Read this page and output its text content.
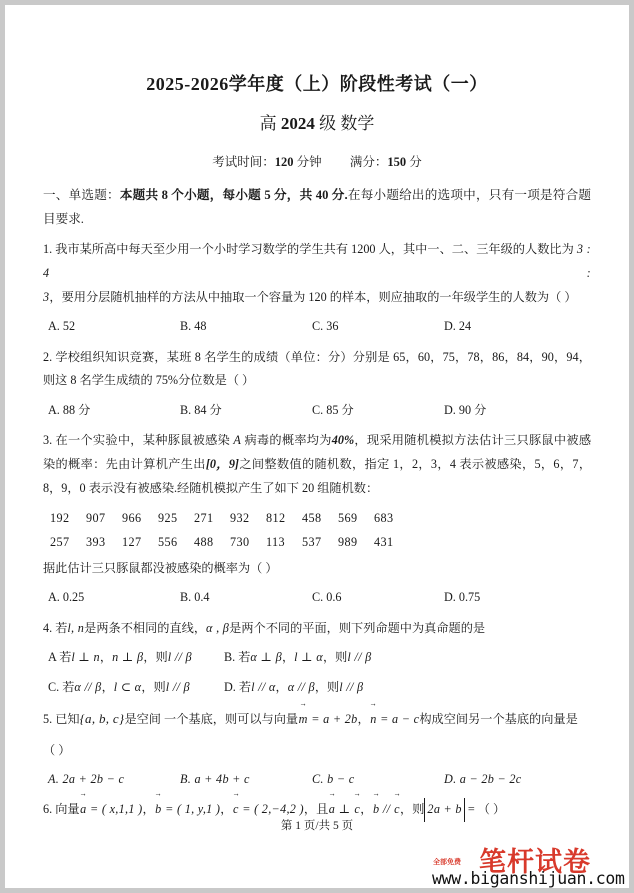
2025-2026学年度（上）阶段性考试（一）
高 2024 级 数学
考试时间：120 分钟 满分：150 分
一、单选题：本题共 8 个小题，每小题 5 分，共 40 分.在每小题给出的选项中，只有一项是符合题目要求.
1. 我市某所高中每天至少用一个小时学习数学的学生共有 1200 人，其中一、二、三年级的人数比为 3 : 4 : 3，要用分层随机抽样的方法从中抽取一个容量为 120 的样本，则应抽取的一年级学生的人数为（ ）
A. 52	B. 48	C. 36	D. 24
2. 学校组织知识竞赛，某班 8 名学生的成绩（单位：分）分别是 65，60，75，78，86，84，90，94，则这 8 名学生成绩的 75%分位数是（ ）
A. 88 分	B. 84 分	C. 85 分	D. 90 分
3. 在一个实验中，某种豚鼠被感染 A 病毒的概率均为40%，现采用随机模拟方法估计三只豚鼠中被感染的概率：先由计算机产生出[0，9]之间整数值的随机数，指定 1，2，3，4 表示被感染，5，6，7，8，9，0 表示没有被感染.经随机模拟产生了如下 20 组随机数：
192	907	966	925	271	932	812	458	569	683
257	393	127	556	488	730	113	537	989	431
据此估计三只豚鼠都没被感染的概率为（ ）
A. 0.25	B. 0.4	C. 0.6	D. 0.75
4. 若l, n是两条不相同的直线，α , β是两个不同的平面，则下列命题中为真命题的是
A 若l ⊥ n，n ⊥ β，则l // β	B. 若α ⊥ β，l ⊥ α，则l // β
C. 若α // β，l ⊂ α，则l // β	D. 若l // α，α // β，则l // β
5. 已知{a, b, c}是空间 一个基底，则可以与向量m → = a + 2b，n → = a − c构成空间另一个基底的向量是
（ ）
A. 2a + 2b − c	B. a + 4b + c	C. b − c	D. a − 2b − 2c
6. 向量a → = ( x,1,1 )，b → = ( 1, y,1 )，c → = ( 2,−4,2 )，且a → ⊥ c →，b → // c →，则 2a + b = （ ）
第 1 页/共 5 页
全部免费 笔杆试卷
www.biganshijuan.com
